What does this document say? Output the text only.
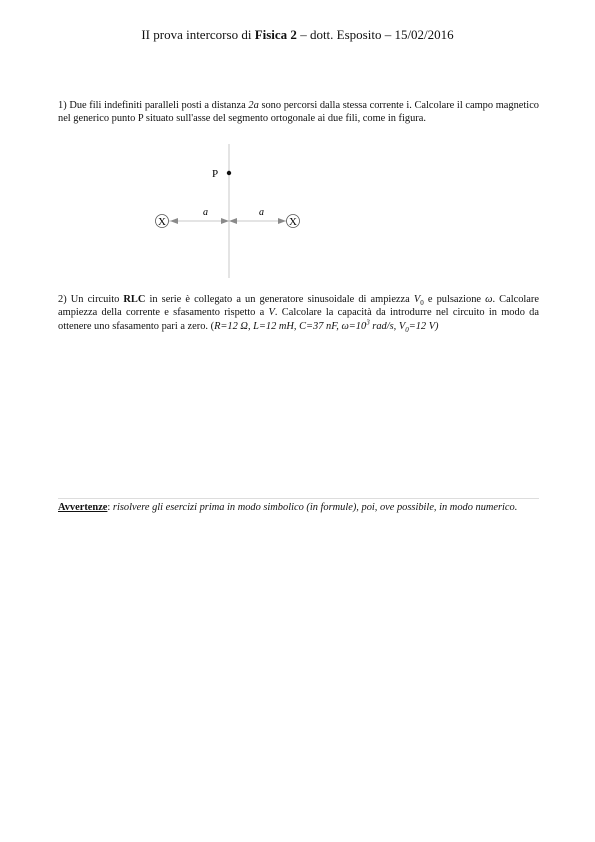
II prova intercorso di Fisica 2 – dott. Esposito – 15/02/2016
1) Due fili indefiniti paralleli posti a distanza 2a sono percorsi dalla stessa corrente i. Calcolare il campo magnetico nel generico punto P situato sull'asse del segmento ortogonale ai due fili, come in figura.
P
a	a
X	X
2) Un circuito RLC in serie è collegato a un generatore sinusoidale di ampiezza $V_0$ e pulsazione ω. Calcolare ampiezza della corrente e sfasamento rispetto a V. Calcolare la capacità da introdurre nel circuito in modo da ottenere uno sfasamento pari a zero. (R=12 Ω, L=12 mH, C=37 nF, $\omega=10^3$ rad/s, $V_0=12$ V)
Avvertenze: risolvere gli esercizi prima in modo simbolico (in formule), poi, ove possibile, in modo numerico.
